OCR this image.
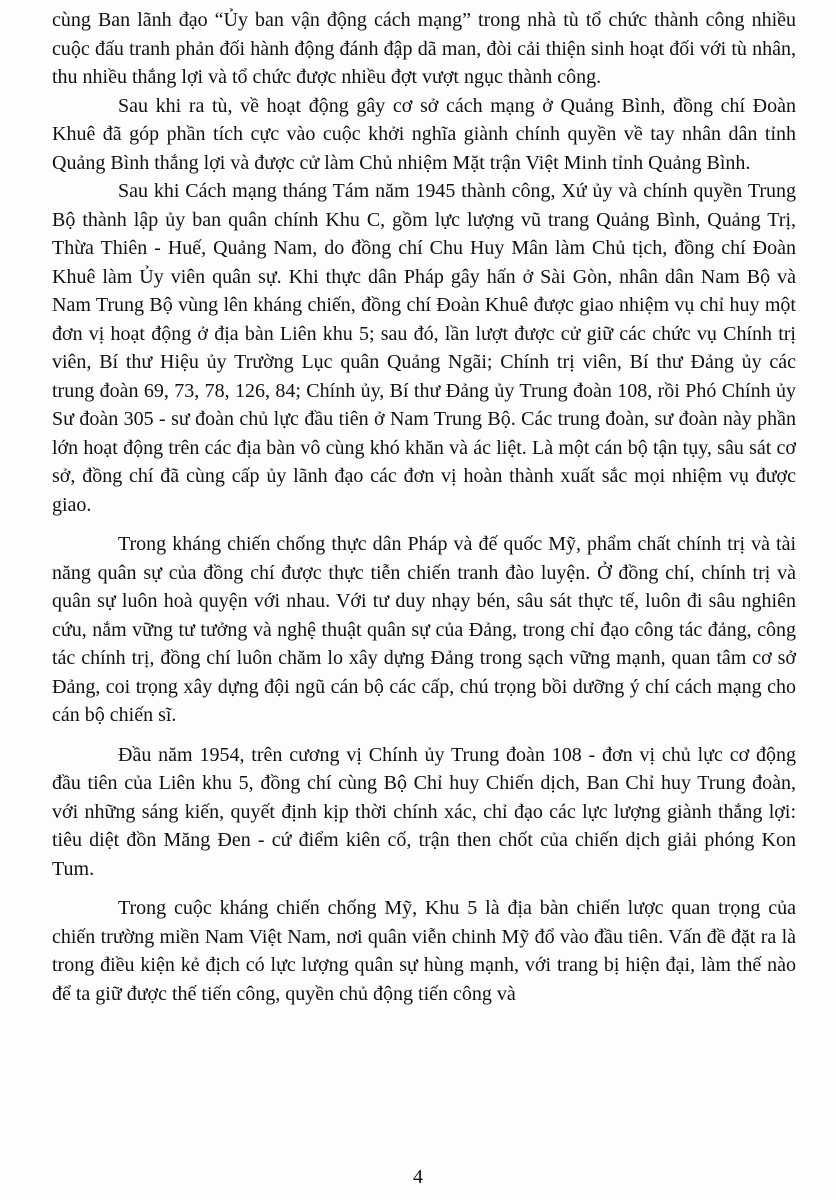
cùng Ban lãnh đạo “Ủy ban vận động cách mạng” trong nhà tù tổ chức thành công nhiều cuộc đấu tranh phản đối hành động đánh đập dã man, đòi cải thiện sinh hoạt đối với tù nhân, thu nhiều thắng lợi và tổ chức được nhiều đợt vượt ngục thành công.

Sau khi ra tù, về hoạt động gây cơ sở cách mạng ở Quảng Bình, đồng chí Đoàn Khuê đã góp phần tích cực vào cuộc khởi nghĩa giành chính quyền về tay nhân dân tỉnh Quảng Bình thắng lợi và được cử làm Chủ nhiệm Mặt trận Việt Minh tỉnh Quảng Bình.

Sau khi Cách mạng tháng Tám năm 1945 thành công, Xứ ủy và chính quyền Trung Bộ thành lập ủy ban quân chính Khu C, gồm lực lượng vũ trang Quảng Bình, Quảng Trị, Thừa Thiên - Huế, Quảng Nam, do đồng chí Chu Huy Mân làm Chủ tịch, đồng chí Đoàn Khuê làm Ủy viên quân sự. Khi thực dân Pháp gây hấn ở Sài Gòn, nhân dân Nam Bộ và Nam Trung Bộ vùng lên kháng chiến, đồng chí Đoàn Khuê được giao nhiệm vụ chỉ huy một đơn vị hoạt động ở địa bàn Liên khu 5; sau đó, lần lượt được cử giữ các chức vụ Chính trị viên, Bí thư Hiệu ủy Trường Lục quân Quảng Ngãi; Chính trị viên, Bí thư Đảng ủy các trung đoàn 69, 73, 78, 126, 84; Chính ủy, Bí thư Đảng ủy Trung đoàn 108, rồi Phó Chính ủy Sư đoàn 305 - sư đoàn chủ lực đầu tiên ở Nam Trung Bộ. Các trung đoàn, sư đoàn này phần lớn hoạt động trên các địa bàn vô cùng khó khăn và ác liệt. Là một cán bộ tận tụy, sâu sát cơ sở, đồng chí đã cùng cấp ủy lãnh đạo các đơn vị hoàn thành xuất sắc mọi nhiệm vụ được giao.

Trong kháng chiến chống thực dân Pháp và đế quốc Mỹ, phẩm chất chính trị và tài năng quân sự của đồng chí được thực tiễn chiến tranh đào luyện. Ở đồng chí, chính trị và quân sự luôn hoà quyện với nhau. Với tư duy nhạy bén, sâu sát thực tế, luôn đi sâu nghiên cứu, nắm vững tư tưởng và nghệ thuật quân sự của Đảng, trong chỉ đạo công tác đảng, công tác chính trị, đồng chí luôn chăm lo xây dựng Đảng trong sạch vững mạnh, quan tâm cơ sở Đảng, coi trọng xây dựng đội ngũ cán bộ các cấp, chú trọng bồi dưỡng ý chí cách mạng cho cán bộ chiến sĩ.

Đầu năm 1954, trên cương vị Chính ủy Trung đoàn 108 - đơn vị chủ lực cơ động đầu tiên của Liên khu 5, đồng chí cùng Bộ Chỉ huy Chiến dịch, Ban Chỉ huy Trung đoàn, với những sáng kiến, quyết định kịp thời chính xác, chỉ đạo các lực lượng giành thắng lợi: tiêu diệt đồn Măng Đen - cứ điểm kiên cố, trận then chốt của chiến dịch giải phóng Kon Tum.

Trong cuộc kháng chiến chống Mỹ, Khu 5 là địa bàn chiến lược quan trọng của chiến trường miền Nam Việt Nam, nơi quân viễn chinh Mỹ đổ vào đầu tiên. Vấn đề đặt ra là trong điều kiện kẻ địch có lực lượng quân sự hùng mạnh, với trang bị hiện đại, làm thế nào để ta giữ được thế tiến công, quyền chủ động tiến công và

4
